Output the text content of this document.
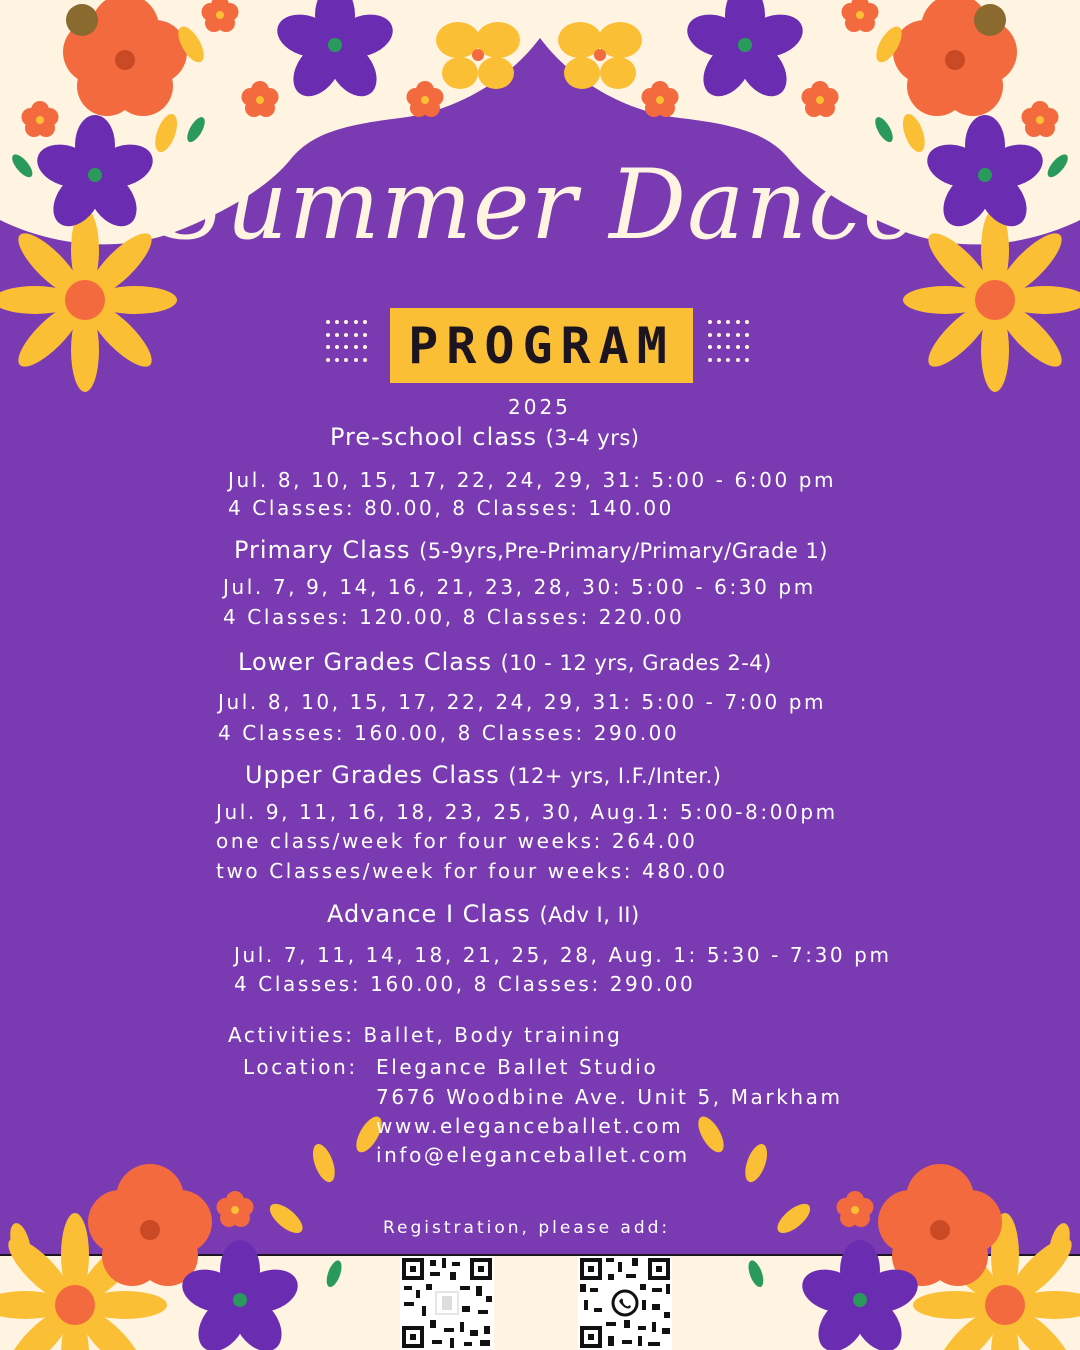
Summer Dance
PROGRAM
2025
Pre-school class (3-4 yrs)
Jul. 8, 10, 15, 17, 22, 24, 29, 31: 5:00 - 6:00 pm
4 Classes: 80.00, 8 Classes: 140.00
Primary Class (5-9yrs,Pre-Primary/Primary/Grade 1)
Jul. 7, 9, 14, 16, 21, 23, 28, 30: 5:00 - 6:30 pm
4 Classes: 120.00, 8 Classes: 220.00
Lower Grades Class (10 - 12 yrs, Grades 2-4)
Jul. 8, 10, 15, 17, 22, 24, 29, 31: 5:00 - 7:00 pm
4 Classes: 160.00, 8 Classes: 290.00
Upper Grades Class (12+ yrs, I.F./Inter.)
Jul. 9, 11, 16, 18, 23, 25, 30, Aug.1: 5:00-8:00pm
one class/week for four weeks: 264.00
two Classes/week for four weeks: 480.00
Advance I Class (Adv I, II)
Jul. 7, 11, 14, 18, 21, 25, 28, Aug. 1: 5:30 - 7:30 pm
4 Classes: 160.00, 8 Classes: 290.00
Activities: Ballet, Body training
Location: Elegance Ballet Studio
7676 Woodbine Ave. Unit 5, Markham
www.eleganceballet.com
info@eleganceballet.com
Registration, please add:
